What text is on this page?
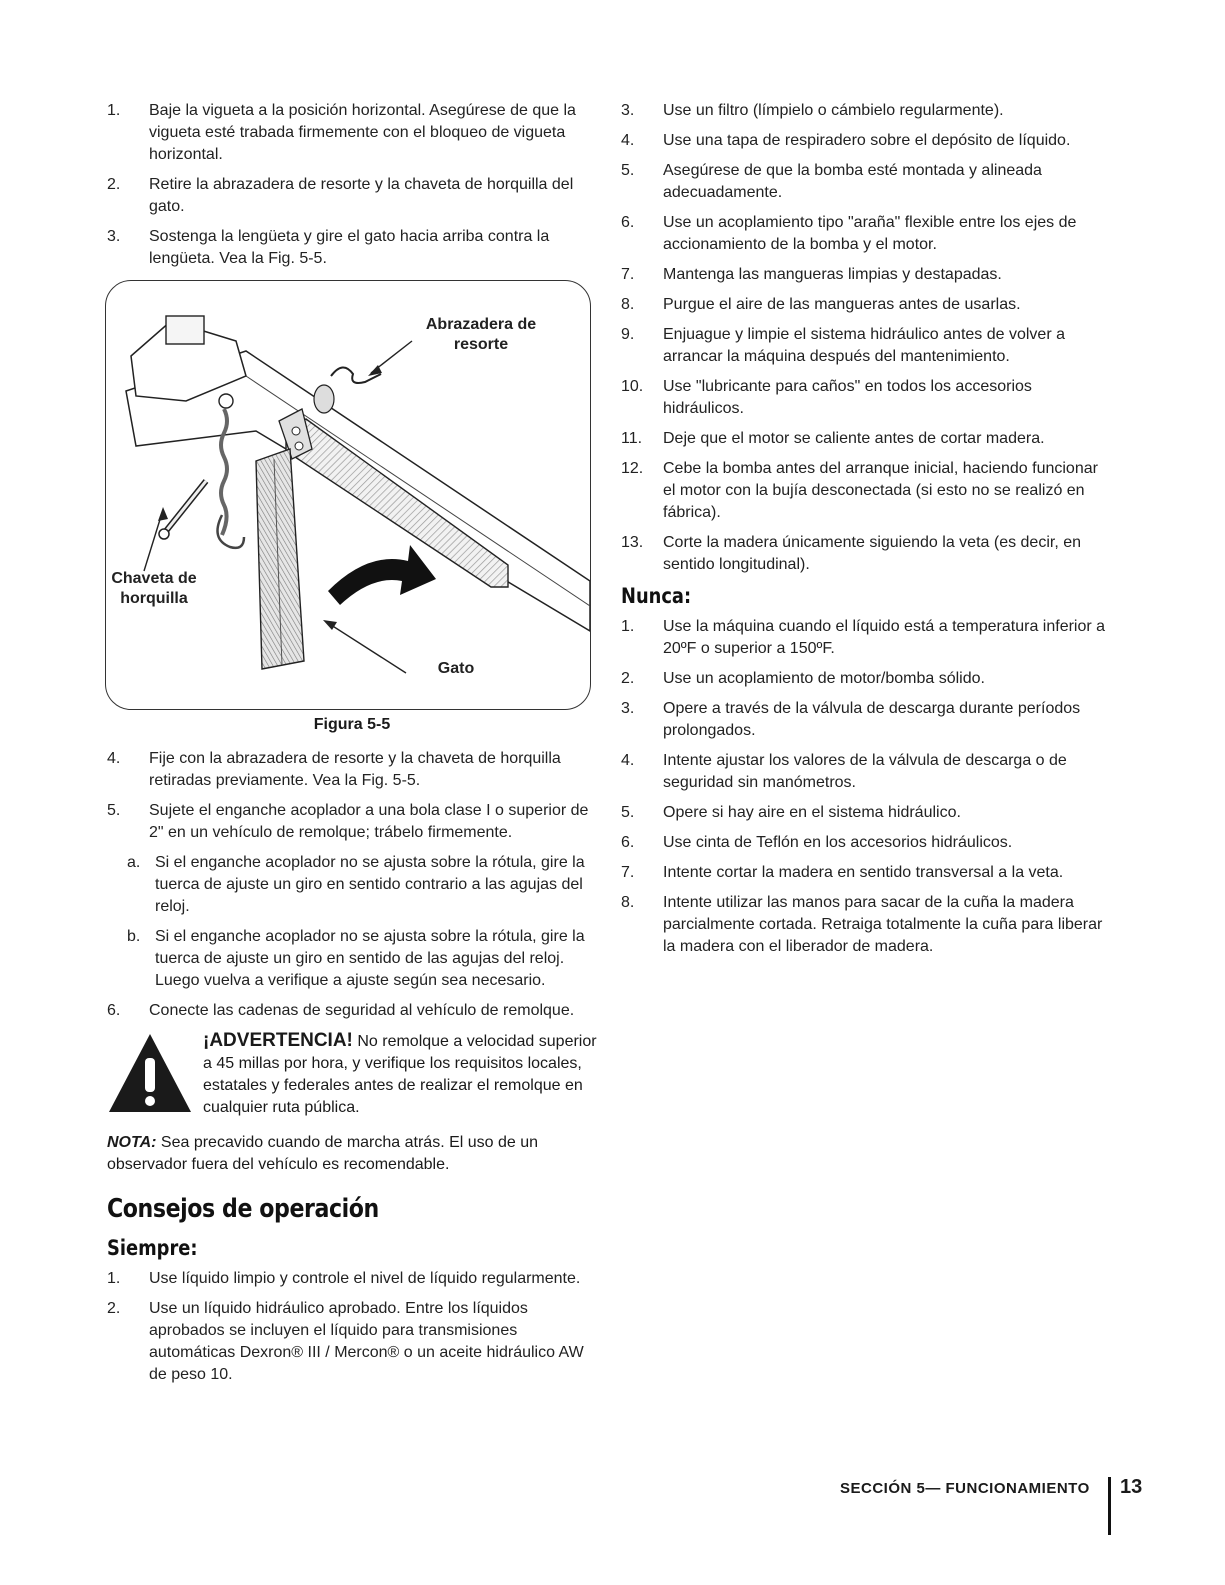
1. Baje la vigueta a la posición horizontal. Asegúrese de que la vigueta esté trabada firmemente con el bloqueo de vigueta horizontal.
2. Retire la abrazadera de resorte y la chaveta de horquilla del gato.
3. Sostenga la lengüeta y gire el gato hacia arriba contra la lengüeta. Vea la Fig. 5-5.
Abrazadera de resorte
Chaveta de horquilla
Gato
Figura 5-5
4. Fije con la abrazadera de resorte y la chaveta de horquilla retiradas previamente. Vea la Fig. 5-5.
5. Sujete el enganche acoplador a una bola clase I o superior de 2" en un vehículo de remolque; trábelo firmemente.
a. Si el enganche acoplador no se ajusta sobre la rótula, gire la tuerca de ajuste un giro en sentido contrario a las agujas del reloj.
b. Si el enganche acoplador no se ajusta sobre la rótula, gire la tuerca de ajuste un giro en sentido de las agujas del reloj. Luego vuelva a verifique a ajuste según sea necesario.
6. Conecte las cadenas de seguridad al vehículo de remolque.
¡ADVERTENCIA! No remolque a velocidad superior a 45 millas por hora, y verifique los requisitos locales, estatales y federales antes de realizar el remolque en cualquier ruta pública.

NOTA: Sea precavido cuando de marcha atrás. El uso de un observador fuera del vehículo es recomendable.

Consejos de operación
Siempre:
1. Use líquido limpio y controle el nivel de líquido regularmente.
2. Use un líquido hidráulico aprobado. Entre los líquidos aprobados se incluyen el líquido para transmisiones automáticas Dexron® III / Mercon® o un aceite hidráulico AW de peso 10.
3. Use un filtro (límpielo o cámbielo regularmente).
4. Use una tapa de respiradero sobre el depósito de líquido.
5. Asegúrese de que la bomba esté montada y alineada adecuadamente.
6. Use un acoplamiento tipo "araña" flexible entre los ejes de accionamiento de la bomba y el motor.
7. Mantenga las mangueras limpias y destapadas.
8. Purgue el aire de las mangueras antes de usarlas.
9. Enjuague y limpie el sistema hidráulico antes de volver a arrancar la máquina después del mantenimiento.
10. Use "lubricante para caños" en todos los accesorios hidráulicos.
11. Deje que el motor se caliente antes de cortar madera.
12. Cebe la bomba antes del arranque inicial, haciendo funcionar el motor con la bujía desconectada (si esto no se realizó en fábrica).
13. Corte la madera únicamente siguiendo la veta (es decir, en sentido longitudinal).
Nunca:
1. Use la máquina cuando el líquido está a temperatura inferior a 20ºF o superior a 150ºF.
2. Use un acoplamiento de motor/bomba sólido.
3. Opere a través de la válvula de descarga durante períodos prolongados.
4. Intente ajustar los valores de la válvula de descarga o de seguridad sin manómetros.
5. Opere si hay aire en el sistema hidráulico.
6. Use cinta de Teflón en los accesorios hidráulicos.
7. Intente cortar la madera en sentido transversal a la veta.
8. Intente utilizar las manos para sacar de la cuña la madera parcialmente cortada. Retraiga totalmente la cuña para liberar la madera con el liberador de madera.
SECCIÓN 5— FUNCIONAMIENTO 13
